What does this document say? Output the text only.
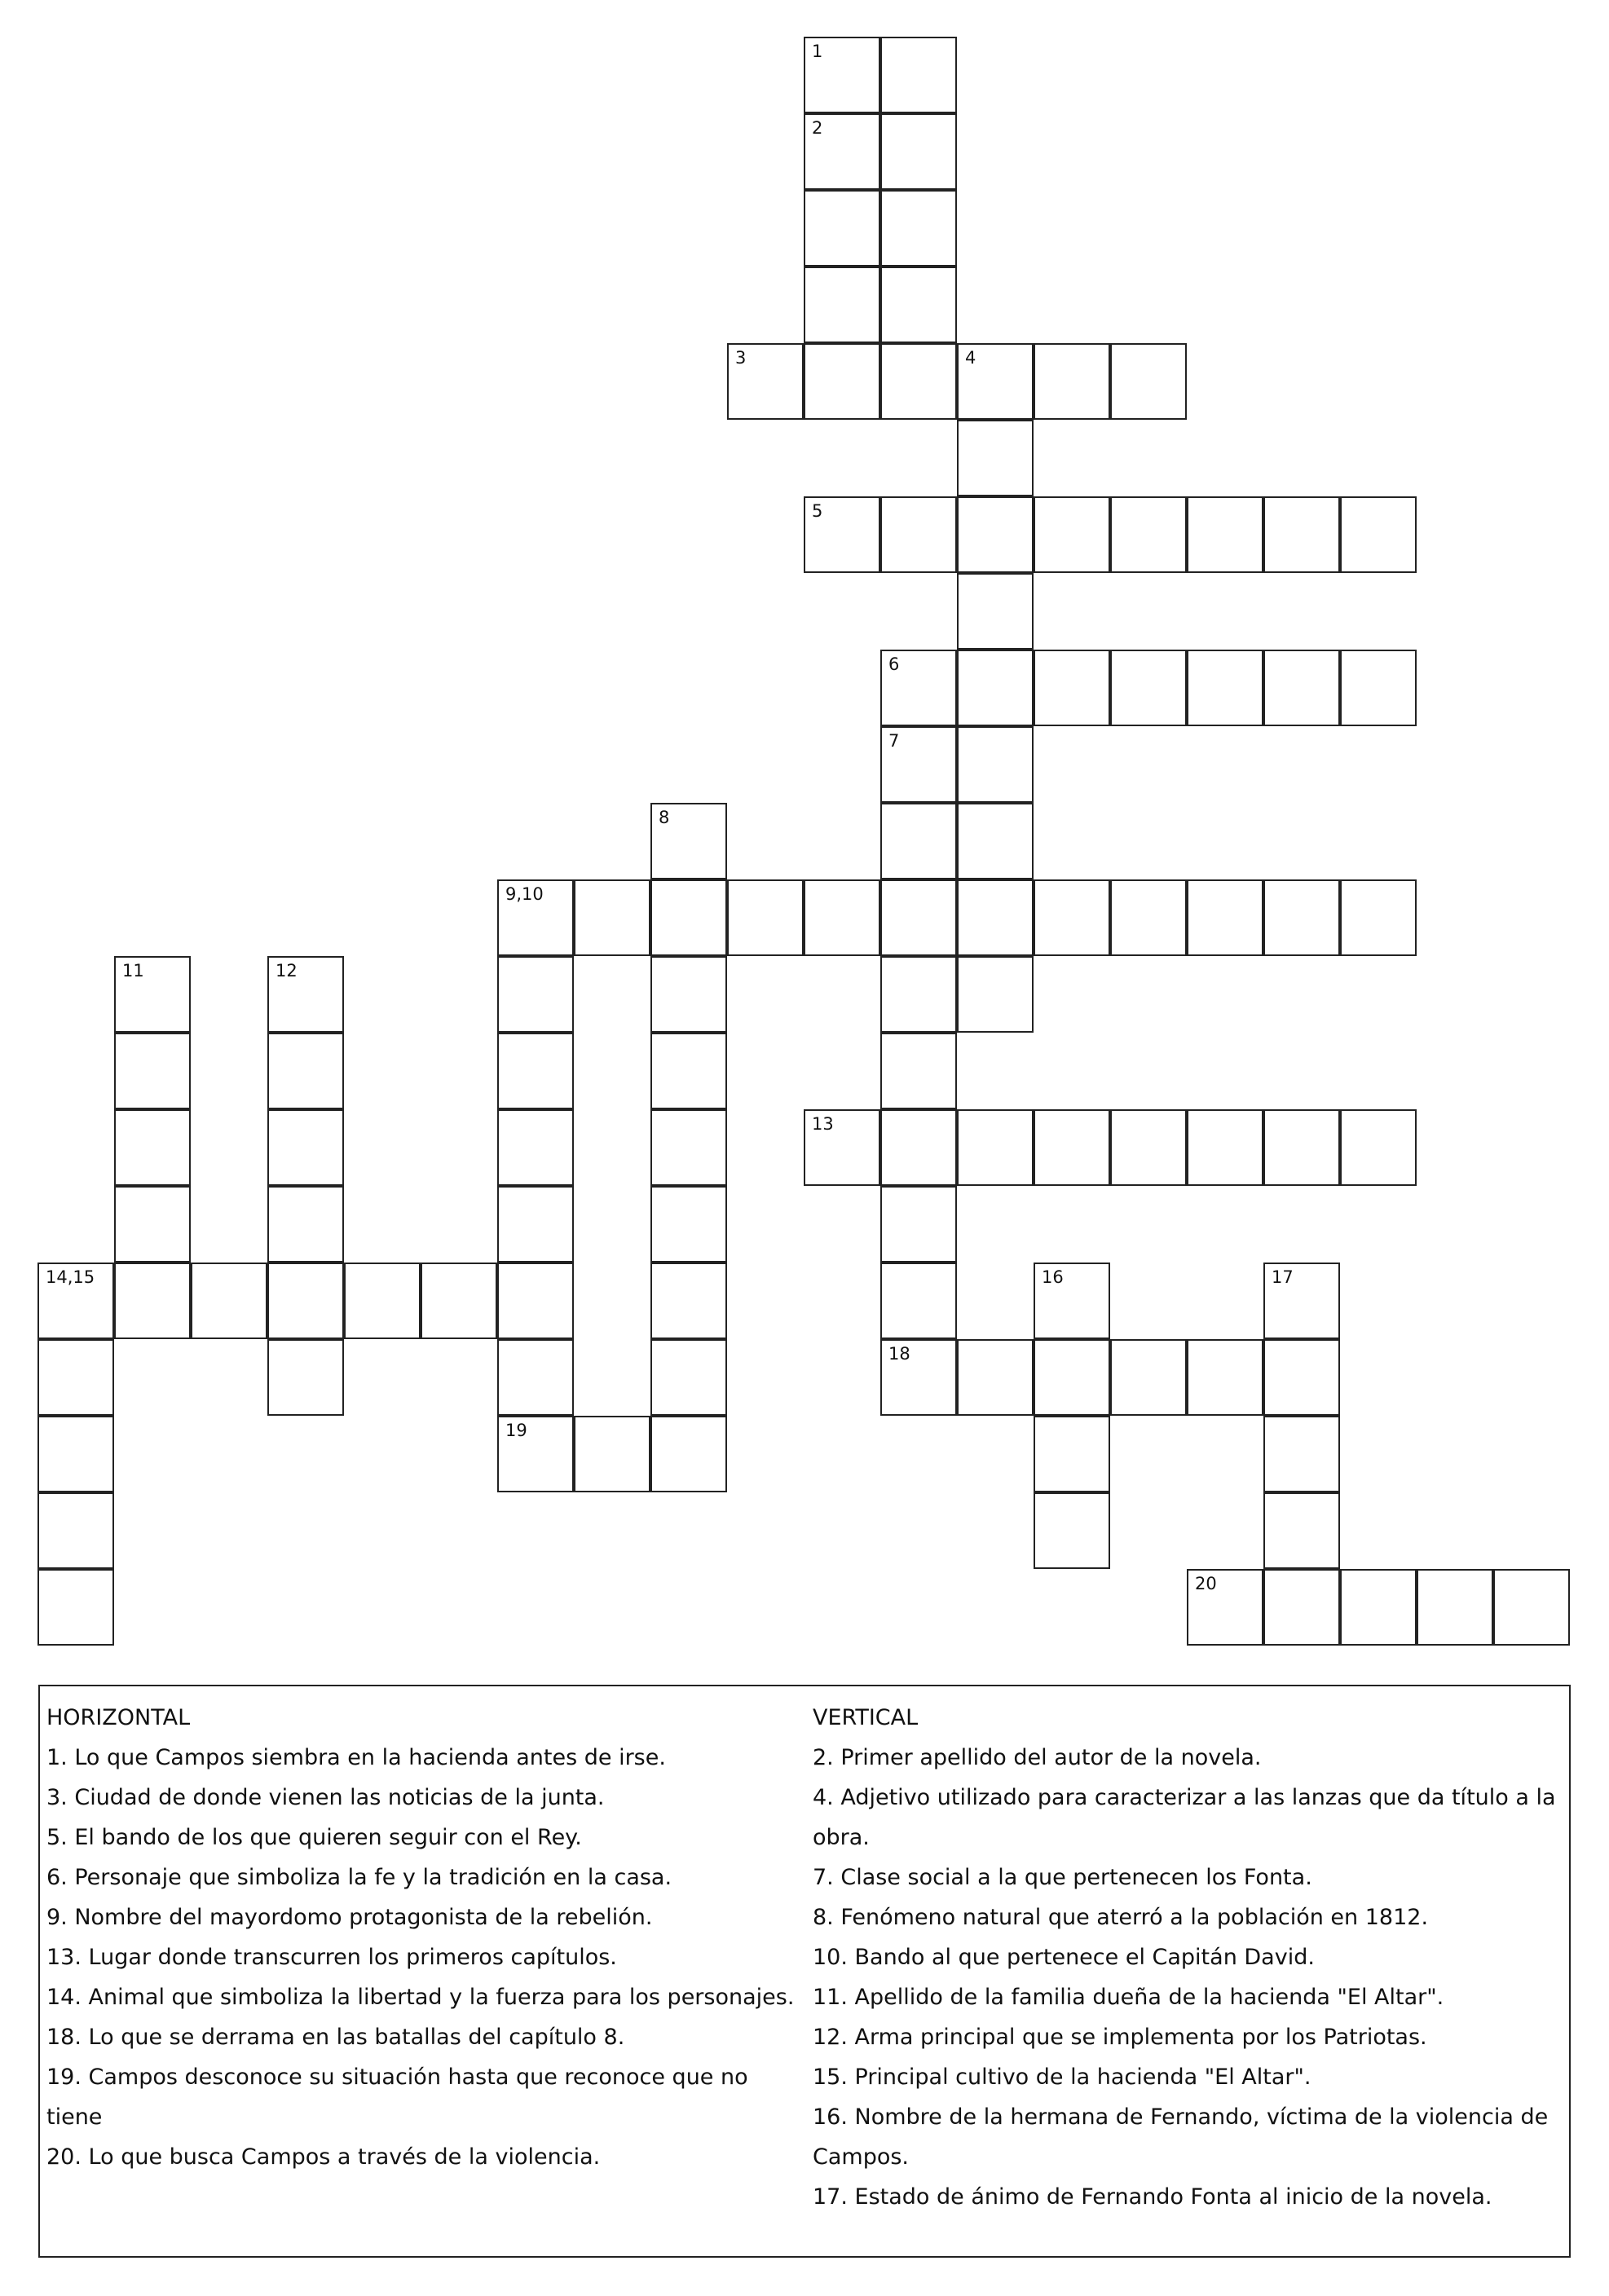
1
2
3	4
5
6
7
8
9,10
11	12
13
14,15	16	17
18
19
20
HORIZONTAL
1. Lo que Campos siembra en la hacienda antes de irse.
3. Ciudad de donde vienen las noticias de la junta.
5. El bando de los que quieren seguir con el Rey.
6. Personaje que simboliza la fe y la tradición en la casa.
9. Nombre del mayordomo protagonista de la rebelión.
13. Lugar donde transcurren los primeros capítulos.
14. Animal que simboliza la libertad y la fuerza para los personajes.
18. Lo que se derrama en las batallas del capítulo 8.
19. Campos desconoce su situación hasta que reconoce que no tiene
20. Lo que busca Campos a través de la violencia.
VERTICAL
2. Primer apellido del autor de la novela.
4. Adjetivo utilizado para caracterizar a las lanzas que da título a la obra.
7. Clase social a la que pertenecen los Fonta.
8. Fenómeno natural que aterró a la población en 1812.
10. Bando al que pertenece el Capitán David.
11. Apellido de la familia dueña de la hacienda "El Altar".
12. Arma principal que se implementa por los Patriotas.
15. Principal cultivo de la hacienda "El Altar".
16. Nombre de la hermana de Fernando, víctima de la violencia de Campos.
17. Estado de ánimo de Fernando Fonta al inicio de la novela.
